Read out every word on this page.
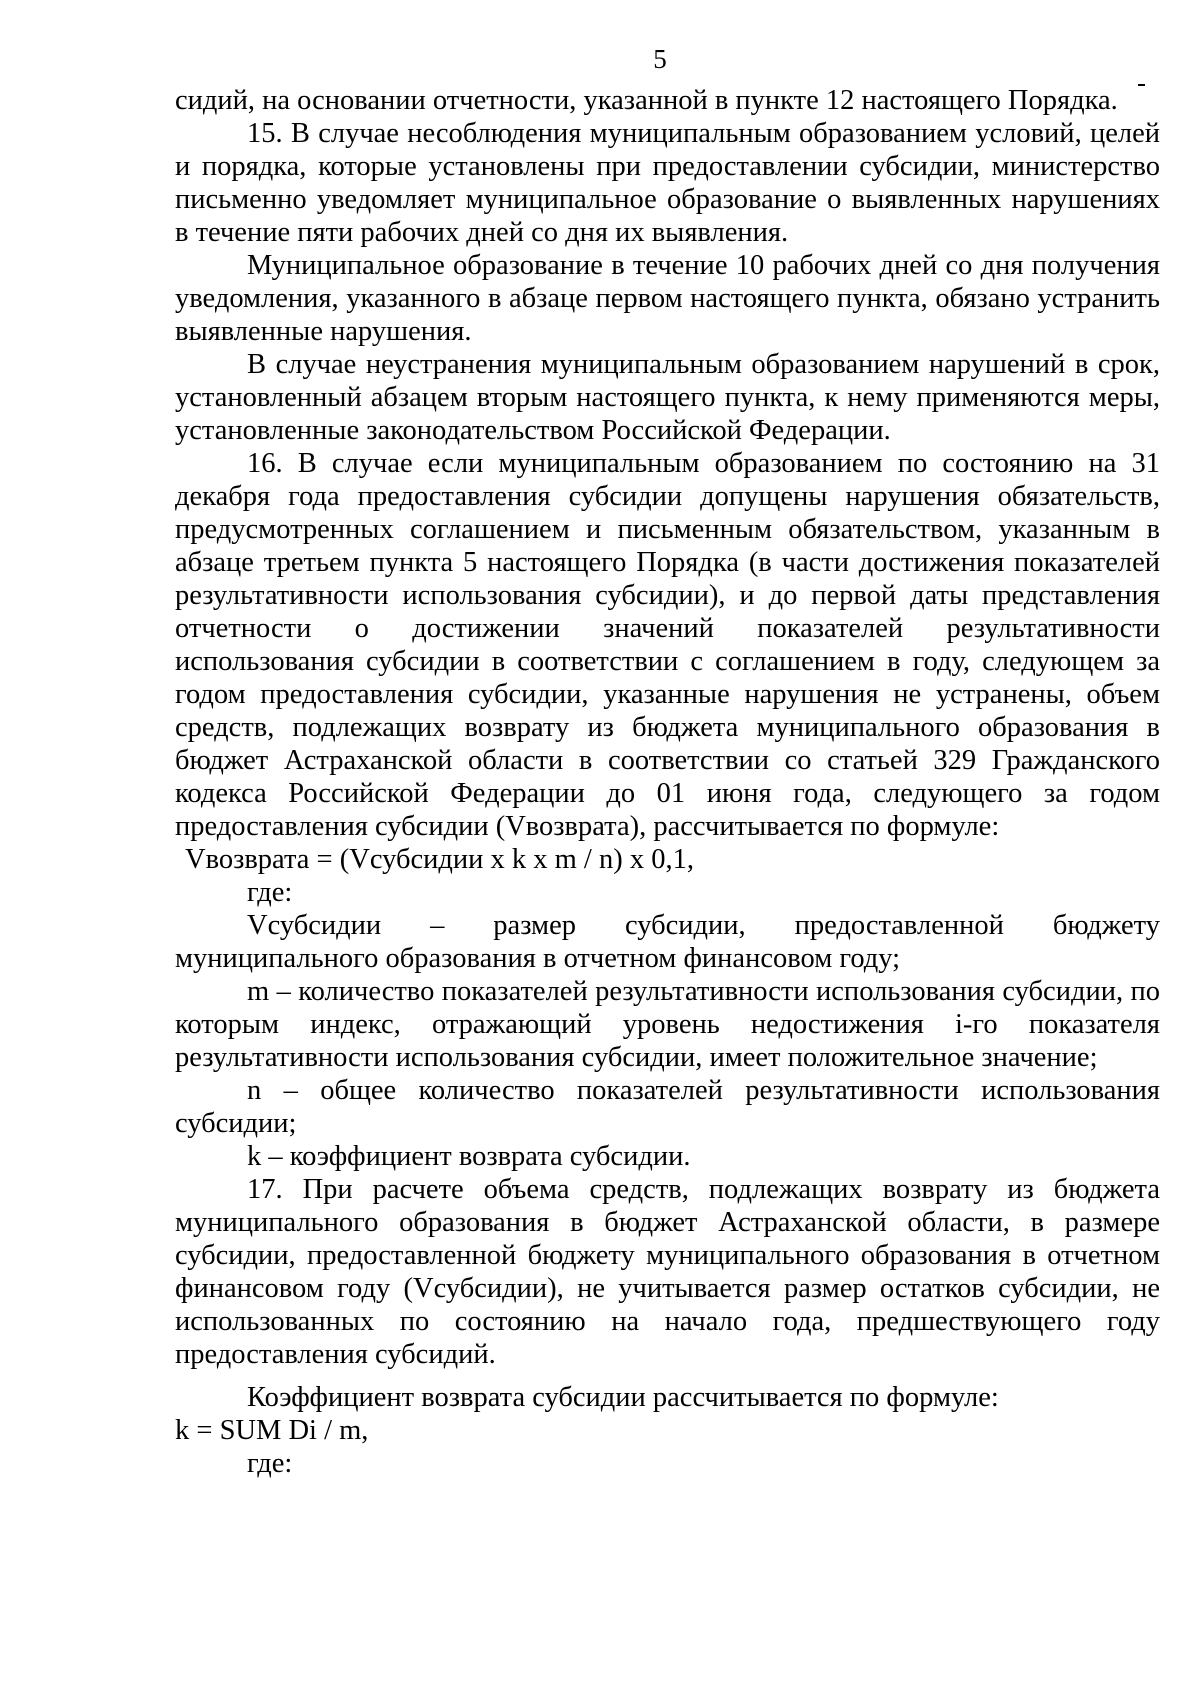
5

сидий, на основании отчетности, указанной в пункте 12 настоящего Порядка.

15. В случае несоблюдения муниципальным образованием условий, целей и порядка, которые установлены при предоставлении субсидии, министерство письменно уведомляет муниципальное образование о выявленных нарушениях в течение пяти рабочих дней со дня их выявления.

Муниципальное образование в течение 10 рабочих дней со дня получения уведомления, указанного в абзаце первом настоящего пункта, обязано устранить выявленные нарушения.

В случае неустранения муниципальным образованием нарушений в срок, установленный абзацем вторым настоящего пункта, к нему применяются меры, установленные законодательством Российской Федерации.

16. В случае если муниципальным образованием по состоянию на 31 декабря года предоставления субсидии допущены нарушения обязательств, предусмотренных соглашением и письменным обязательством, указанным в абзаце третьем пункта 5 настоящего Порядка (в части достижения показателей результативности использования субсидии), и до первой даты представления отчетности о достижении значений показателей результативности использования субсидии в соответствии с соглашением в году, следующем за годом предоставления субсидии, указанные нарушения не устранены, объем средств, подлежащих возврату из бюджета муниципального образования в бюджет Астраханской области в соответствии со статьей 329 Гражданского кодекса Российской Федерации до 01 июня года, следующего за годом предоставления субсидии (Vвозврата), рассчитывается по формуле:

Vвозврата = (Vсубсидии x k x m / n) x 0,1,

где:

Vсубсидии – размер субсидии, предоставленной бюджету муниципального образования в отчетном финансовом году;

m – количество показателей результативности использования субсидии, по которым индекс, отражающий уровень недостижения i-го показателя результативности использования субсидии, имеет положительное значение;

n – общее количество показателей результативности использования субсидии;

k – коэффициент возврата субсидии.

17. При расчете объема средств, подлежащих возврату из бюджета муниципального образования в бюджет Астраханской области, в размере субсидии, предоставленной бюджету муниципального образования в отчетном финансовом году (Vсубсидии), не учитывается размер остатков субсидии, не использованных по состоянию на начало года, предшествующего году предоставления субсидий.

Коэффициент возврата субсидии рассчитывается по формуле:

k = SUM Di / m,

где:
